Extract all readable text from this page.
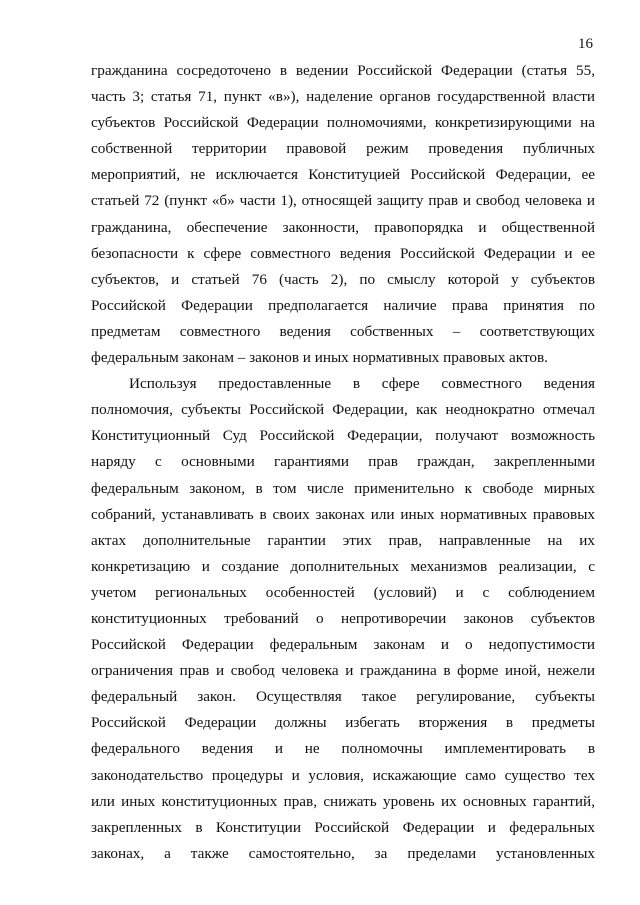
16
гражданина сосредоточено в ведении Российской Федерации (статья 55,
часть 3; статья 71, пункт «в»), наделение органов государственной власти
субъектов Российской Федерации полномочиями, конкретизирующими на
собственной территории правовой режим проведения публичных
мероприятий, не исключается Конституцией Российской Федерации, ее
статьей 72 (пункт «б» части 1), относящей защиту прав и свобод человека и
гражданина, обеспечение законности, правопорядка и общественной
безопасности к сфере совместного ведения Российской Федерации и ее
субъектов, и статьей 76 (часть 2), по смыслу которой у субъектов
Российской Федерации предполагается наличие права принятия по
предметам совместного ведения собственных – соответствующих
федеральным законам – законов и иных нормативных правовых актов.
Используя предоставленные в сфере совместного ведения
полномочия, субъекты Российской Федерации, как неоднократно отмечал
Конституционный Суд Российской Федерации, получают возможность
наряду с основными гарантиями прав граждан, закрепленными
федеральным законом, в том числе применительно к свободе мирных
собраний, устанавливать в своих законах или иных нормативных правовых
актах дополнительные гарантии этих прав, направленные на их
конкретизацию и создание дополнительных механизмов реализации, с
учетом региональных особенностей (условий) и с соблюдением
конституционных требований о непротиворечии законов субъектов
Российской Федерации федеральным законам и о недопустимости
ограничения прав и свобод человека и гражданина в форме иной, нежели
федеральный закон. Осуществляя такое регулирование, субъекты
Российской Федерации должны избегать вторжения в предметы
федерального ведения и не полномочны имплементировать в
законодательство процедуры и условия, искажающие само существо тех
или иных конституционных прав, снижать уровень их основных гарантий,
закрепленных в Конституции Российской Федерации и федеральных
законах, а также самостоятельно, за пределами установленных
